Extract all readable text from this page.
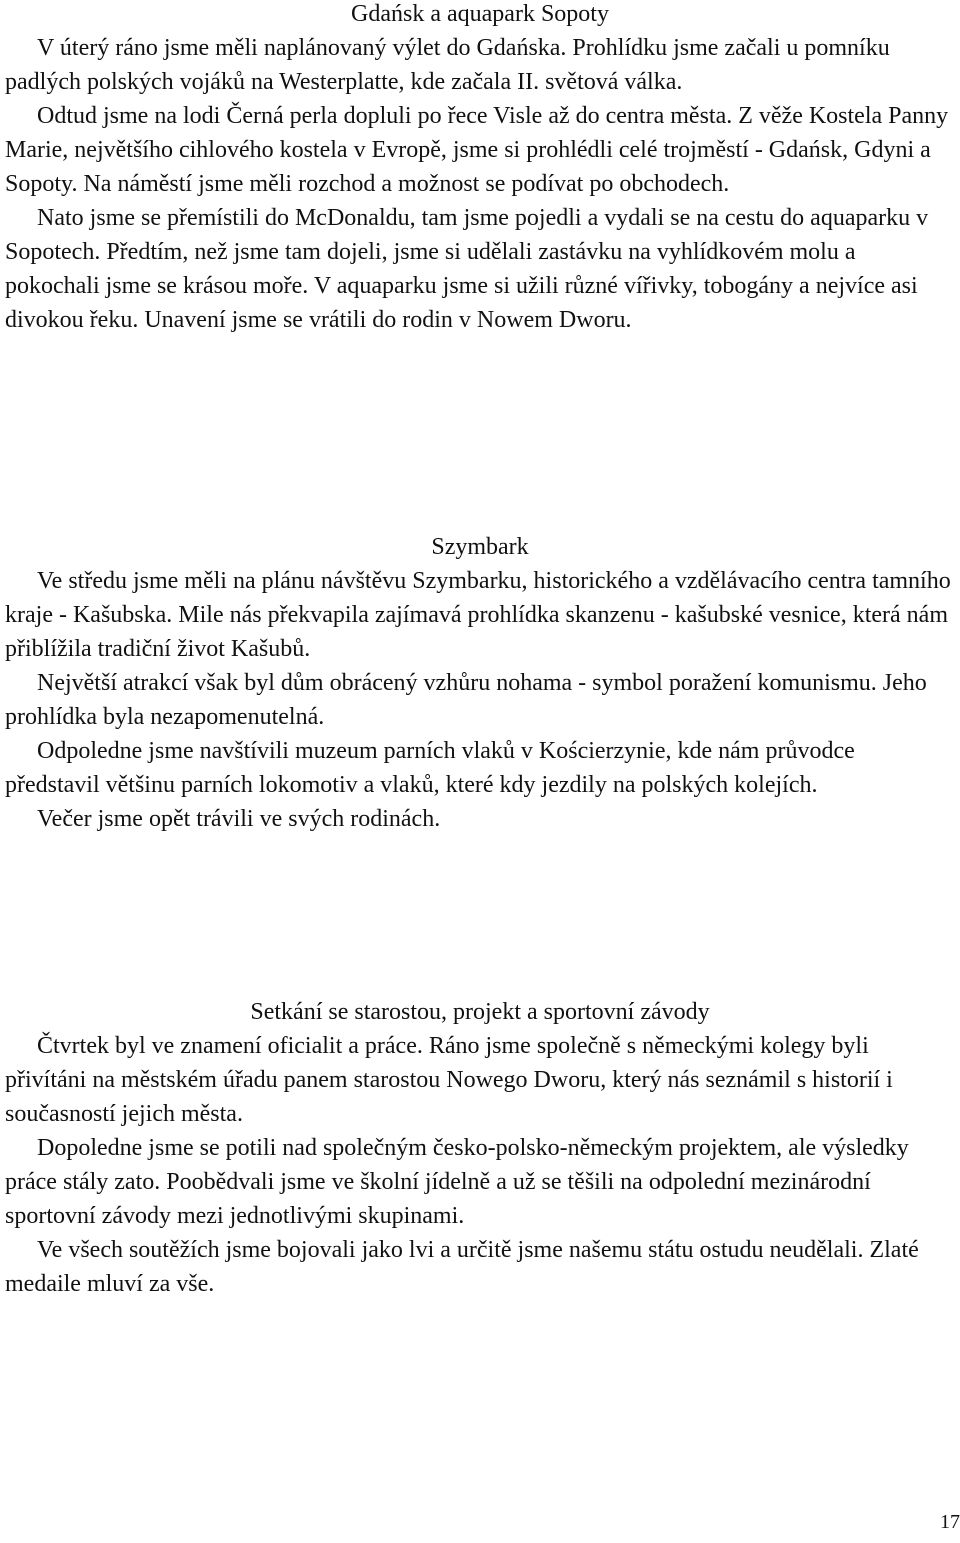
Gdańsk a aquapark Sopoty

V úterý ráno jsme měli naplánovaný výlet do Gdańska. Prohlídku jsme začali u pomníku padlých polských vojáků na Westerplatte, kde začala II. světová válka.

Odtud jsme na lodi Černá perla dopluli po řece Visle až do centra města. Z věže Kostela Panny Marie, největšího cihlového kostela v Evropě, jsme si prohlédli celé trojměstí - Gdańsk, Gdyni a Sopoty. Na náměstí jsme měli rozchod a možnost se podívat po obchodech.

Nato jsme se přemístili do McDonaldu, tam jsme pojedli a vydali se na cestu do aquaparku v Sopotech. Předtím, než jsme tam dojeli, jsme si udělali zastávku na vyhlídkovém molu a pokochali jsme se krásou moře. V aquaparku jsme si užili různé vířivky, tobogány a nejvíce asi divokou řeku. Unavení jsme se vrátili do rodin v Nowem Dworu.

Szymbark

Ve středu jsme měli na plánu návštěvu Szymbarku, historického a vzdělávacího centra tamního kraje - Kašubska. Mile nás překvapila zajímavá prohlídka skanzenu - kašubské vesnice, která nám přiblížila tradiční život Kašubů.

Největší atrakcí však byl dům obrácený vzhůru nohama - symbol poražení komunismu. Jeho prohlídka byla nezapomenutelná.

Odpoledne jsme navštívili muzeum parních vlaků v Kościerzynie, kde nám průvodce představil většinu parních lokomotiv a vlaků, které kdy jezdily na polských kolejích.

Večer jsme opět trávili ve svých rodinách.

Setkání se starostou, projekt a sportovní závody

Čtvrtek byl ve znamení oficialit a práce. Ráno jsme společně s německými kolegy byli přivítáni na městském úřadu panem starostou Nowego Dworu, který nás seznámil s historií i současností jejich města.

Dopoledne jsme se potili nad společným česko-polsko-německým projektem, ale výsledky práce stály zato. Poobědvali jsme ve školní jídelně a už se těšili na odpolední mezinárodní sportovní závody mezi jednotlivými skupinami.

Ve všech soutěžích jsme bojovali jako lvi a určitě jsme našemu státu ostudu neudělali. Zlaté medaile mluví za vše.

17
